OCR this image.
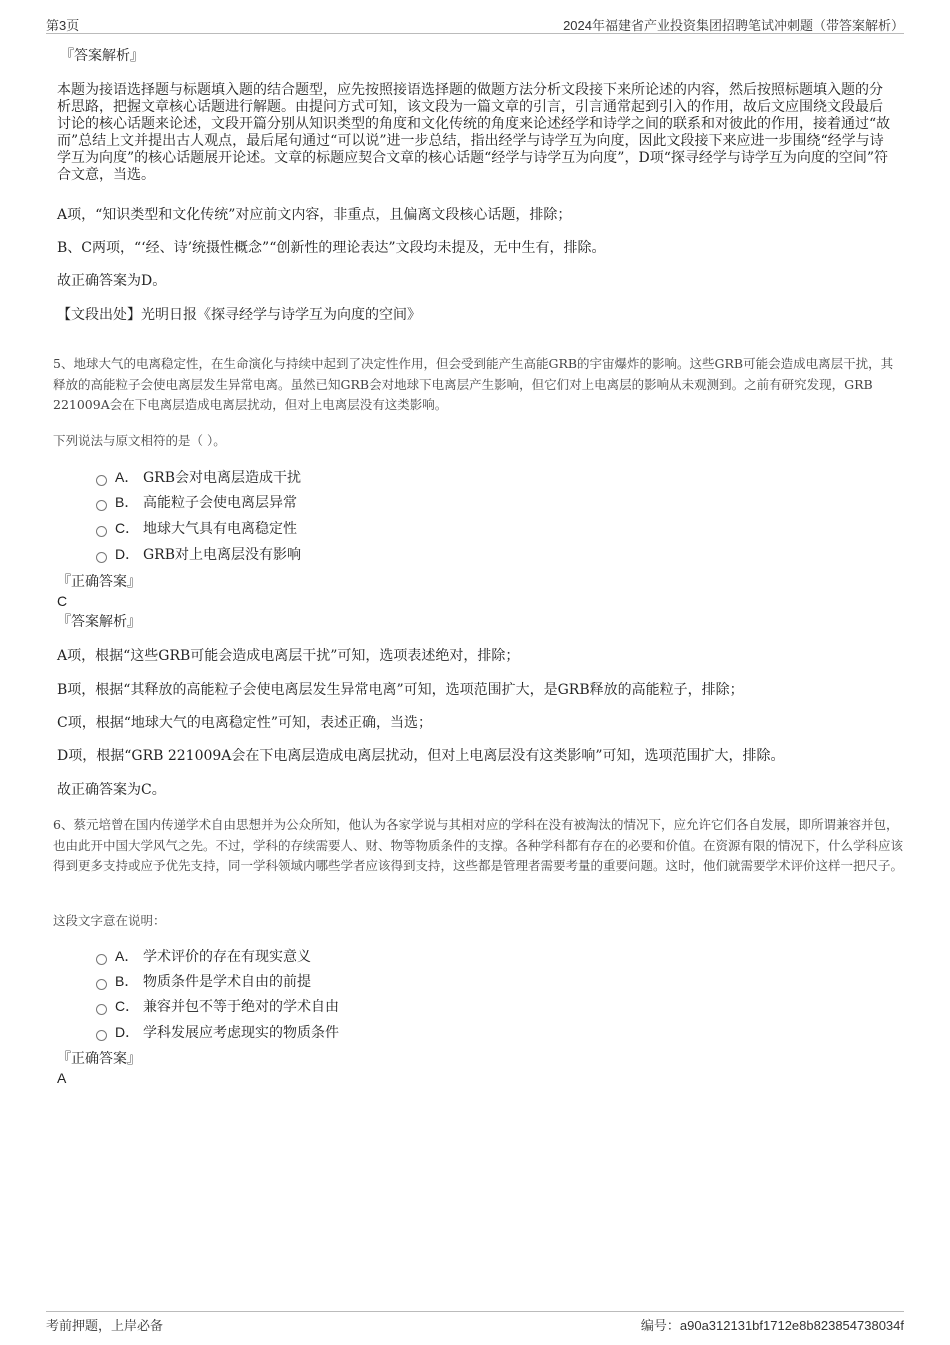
第3页	2024年福建省产业投资集团招聘笔试冲刺题（带答案解析）
『答案解析』
本题为接语选择题与标题填入题的结合题型，应先按照接语选择题的做题方法分析文段接下来所论述的内容，然后按照标题填入题的分析思路，把握文章核心话题进行解题。由提问方式可知，该文段为一篇文章的引言，引言通常起到引入的作用，故后文应围绕文段最后讨论的核心话题来论述，文段开篇分别从知识类型的角度和文化传统的角度来论述经学和诗学之间的联系和对彼此的作用，接着通过“故而”总结上文并提出古人观点，最后尾句通过“可以说”进一步总结，指出经学与诗学互为向度，因此文段接下来应进一步围绕“经学与诗学互为向度”的核心话题展开论述。文章的标题应契合文章的核心话题“经学与诗学互为向度”，D项“探寻经学与诗学互为向度的空间”符合文意，当选。
A项，“知识类型和文化传统”对应前文内容，非重点，且偏离文段核心话题，排除；
B、C两项，“‘经、诗’统摄性概念”“创新性的理论表达”文段均未提及，无中生有，排除。
故正确答案为D。
【文段出处】光明日报《探寻经学与诗学互为向度的空间》
5、地球大气的电离稳定性，在生命演化与持续中起到了决定性作用，但会受到能产生高能GRB的宇宙爆炸的影响。这些GRB可能会造成电离层干扰，其释放的高能粒子会使电离层发生异常电离。虽然已知GRB会对地球下电离层产生影响，但它们对上电离层的影响从未观测到。之前有研究发现，GRB 221009A会在下电离层造成电离层扰动，但对上电离层没有这类影响。
下列说法与原文相符的是（ ）。
A． GRB会对电离层造成干扰
B． 高能粒子会使电离层异常
C． 地球大气具有电离稳定性
D． GRB对上电离层没有影响
『正确答案』
C
『答案解析』
A项，根据“这些GRB可能会造成电离层干扰”可知，选项表述绝对，排除；
B项，根据“其释放的高能粒子会使电离层发生异常电离”可知，选项范围扩大，是GRB释放的高能粒子，排除；
C项，根据“地球大气的电离稳定性”可知，表述正确，当选；
D项，根据“GRB 221009A会在下电离层造成电离层扰动，但对上电离层没有这类影响”可知，选项范围扩大，排除。
故正确答案为C。
6、蔡元培曾在国内传递学术自由思想并为公众所知，他认为各家学说与其相对应的学科在没有被淘汰的情况下，应允许它们各自发展，即所谓兼容并包，也由此开中国大学风气之先。不过，学科的存续需要人、财、物等物质条件的支撑。各种学科都有存在的必要和价值。在资源有限的情况下，什么学科应该得到更多支持或应予优先支持，同一学科领域内哪些学者应该得到支持，这些都是管理者需要考量的重要问题。这时，他们就需要学术评价这样一把尺子。
这段文字意在说明：
A． 学术评价的存在有现实意义
B． 物质条件是学术自由的前提
C． 兼容并包不等于绝对的学术自由
D． 学科发展应考虑现实的物质条件
『正确答案』
A
考前押题，上岸必备	编号：a90a312131bf1712e8b823854738034f
